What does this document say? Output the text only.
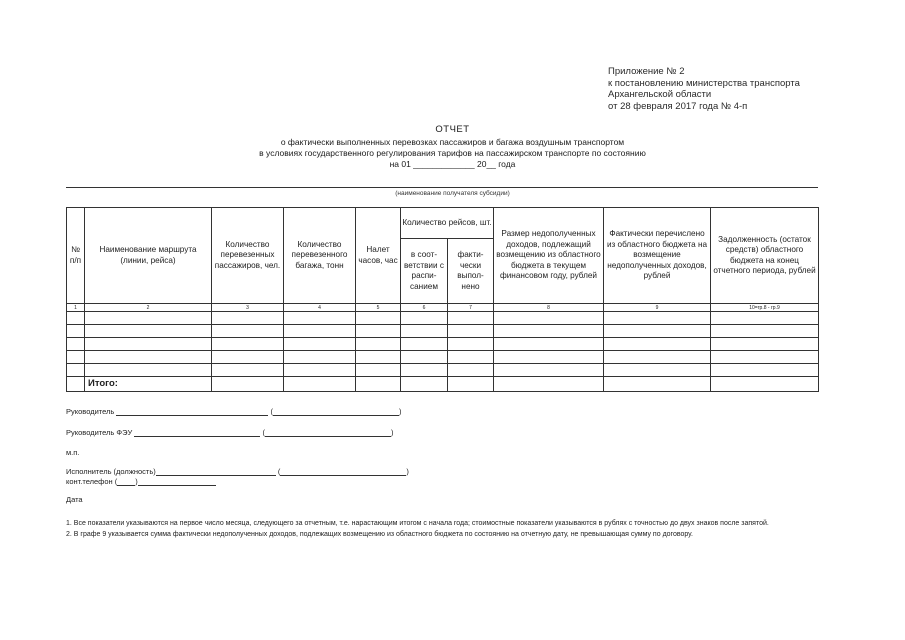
Приложение № 2
к постановлению министерства транспорта
Архангельской области
от 28 февраля 2017 года № 4-п
ОТЧЕТ
о фактически выполненных перевозках пассажиров и багажа воздушным транспортом
в условиях государственного регулирования тарифов на пассажирском транспорте по состоянию
на 01 _____________ 20__ года
(наименование получателя субсидии)
№ п/п	Наименование маршрута (линии, рейса)	Количество перевезенных пассажиров, чел.	Количество перевезенного багажа, тонн	Налет часов, час	Количество рейсов, шт.		Размер недополученных доходов, подлежащий возмещению из областного бюджета в текущем финансовом году, рублей	Фактически перечислено из областного бюджета на возмещение недополученных доходов, рублей	Задолженность (остаток средств) областного бюджета на конец отчетного периода, рублей
					в соот-ветствии с распи-санием	факти-чески выпол-нено			
1	2	3	4	5	6	7	8	9	10=гр.8 - гр.9

	Итого:								
Руководитель	(	)
Руководитель ФЭУ	(	)
м.п.
Исполнитель (должность)	(	)
конт.телефон ( )
Дата
1. Все показатели указываются на первое число месяца, следующего за отчетным, т.е. нарастающим итогом с начала года; стоимостные показатели указываются в рублях с точностью до двух знаков после запятой.
2. В графе 9 указывается сумма фактически недополученных доходов, подлежащих возмещению из областного бюджета по состоянию на отчетную дату, не превышающая сумму по договору.
